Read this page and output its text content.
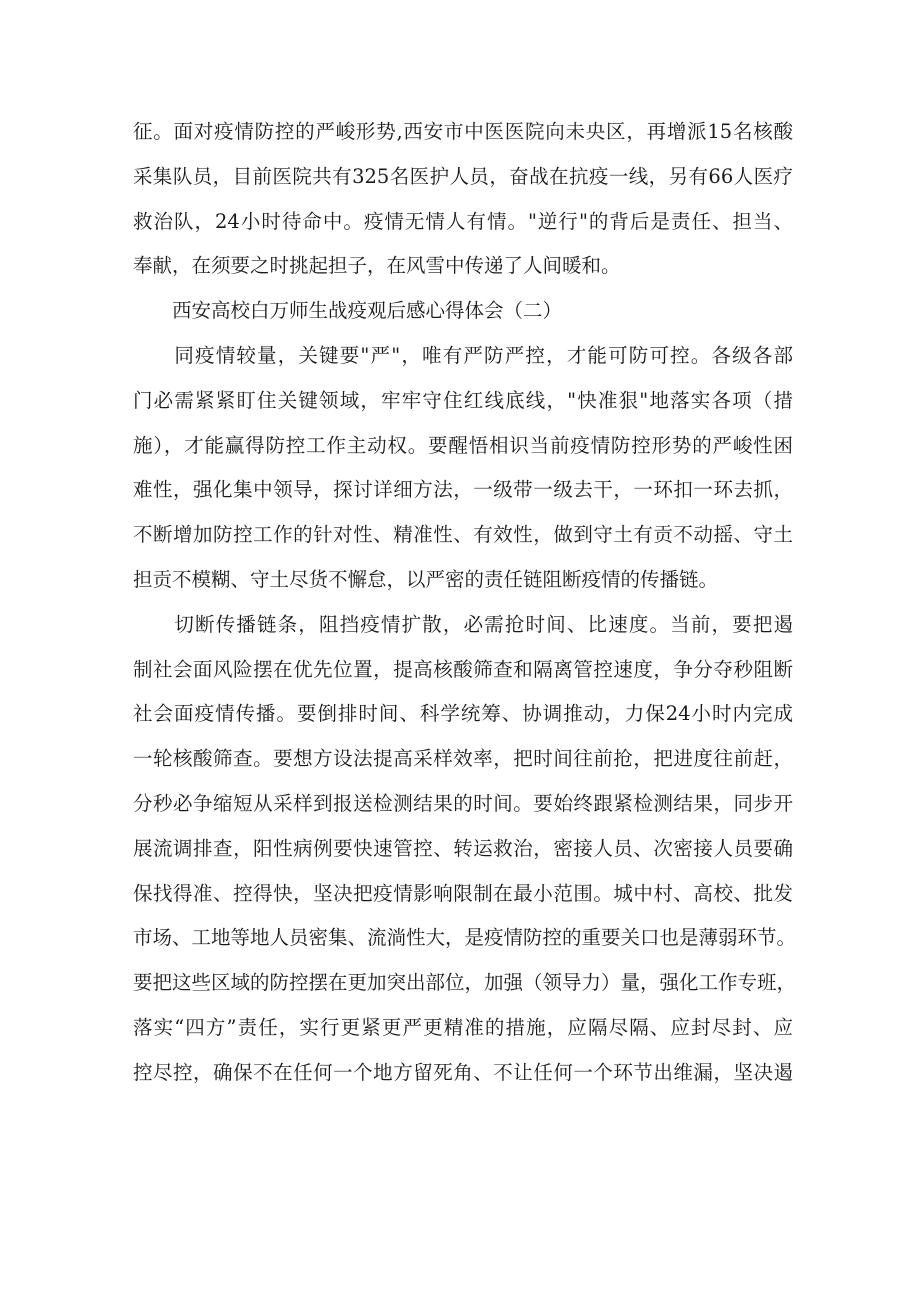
征。面对疫情防控的严峻形势,西安市中医医院向未央区，再增派15名核酸
采集队员，目前医院共有325名医护人员，奋战在抗疫一线，另有66人医疗
救治队，24小时待命中。疫情无情人有情。"逆行"的背后是责任、担当、
奉献，在须要之时挑起担子，在风雪中传递了人间暖和。
　　西安高校白万师生战疫观后感心得体会（二）
　　同疫情较量，关键要"严"，唯有严防严控，才能可防可控。各级各部
门必需紧紧盯住关键领域，牢牢守住红线底线，"快准狠"地落实各项（措
施），才能赢得防控工作主动权。要醒悟相识当前疫情防控形势的严峻性困
难性，强化集中领导，探讨详细方法，一级带一级去干，一环扣一环去抓，
不断增加防控工作的针对性、精准性、有效性，做到守土有贡不动摇、守土
担贡不模糊、守土尽货不懈怠，以严密的责任链阻断疫情的传播链。
　　切断传播链条，阻挡疫情扩散，必需抢时间、比速度。当前，要把遏
制社会面风险摆在优先位置，提高核酸筛查和隔离管控速度，争分夺秒阻断
社会面疫情传播。要倒排时间、科学统筹、协调推动，力保24小时内完成
一轮核酸筛查。要想方设法提高采样效率，把时间往前抢，把进度往前赶，
分秒必争缩短从采样到报送检测结果的时间。要始终跟紧检测结果，同步开
展流调排查，阳性病例要快速管控、转运救治，密接人员、次密接人员要确
保找得准、控得快，坚决把疫情影响限制在最小范围。城中村、高校、批发
市场、工地等地人员密集、流淌性大，是疫情防控的重要关口也是薄弱环节。
要把这些区域的防控摆在更加突出部位，加强（领导力）量，强化工作专班，
落实“四方”责任，实行更紧更严更精准的措施，应隔尽隔、应封尽封、应
控尽控，确保不在任何一个地方留死角、不让任何一个环节出维漏，坚决遏
